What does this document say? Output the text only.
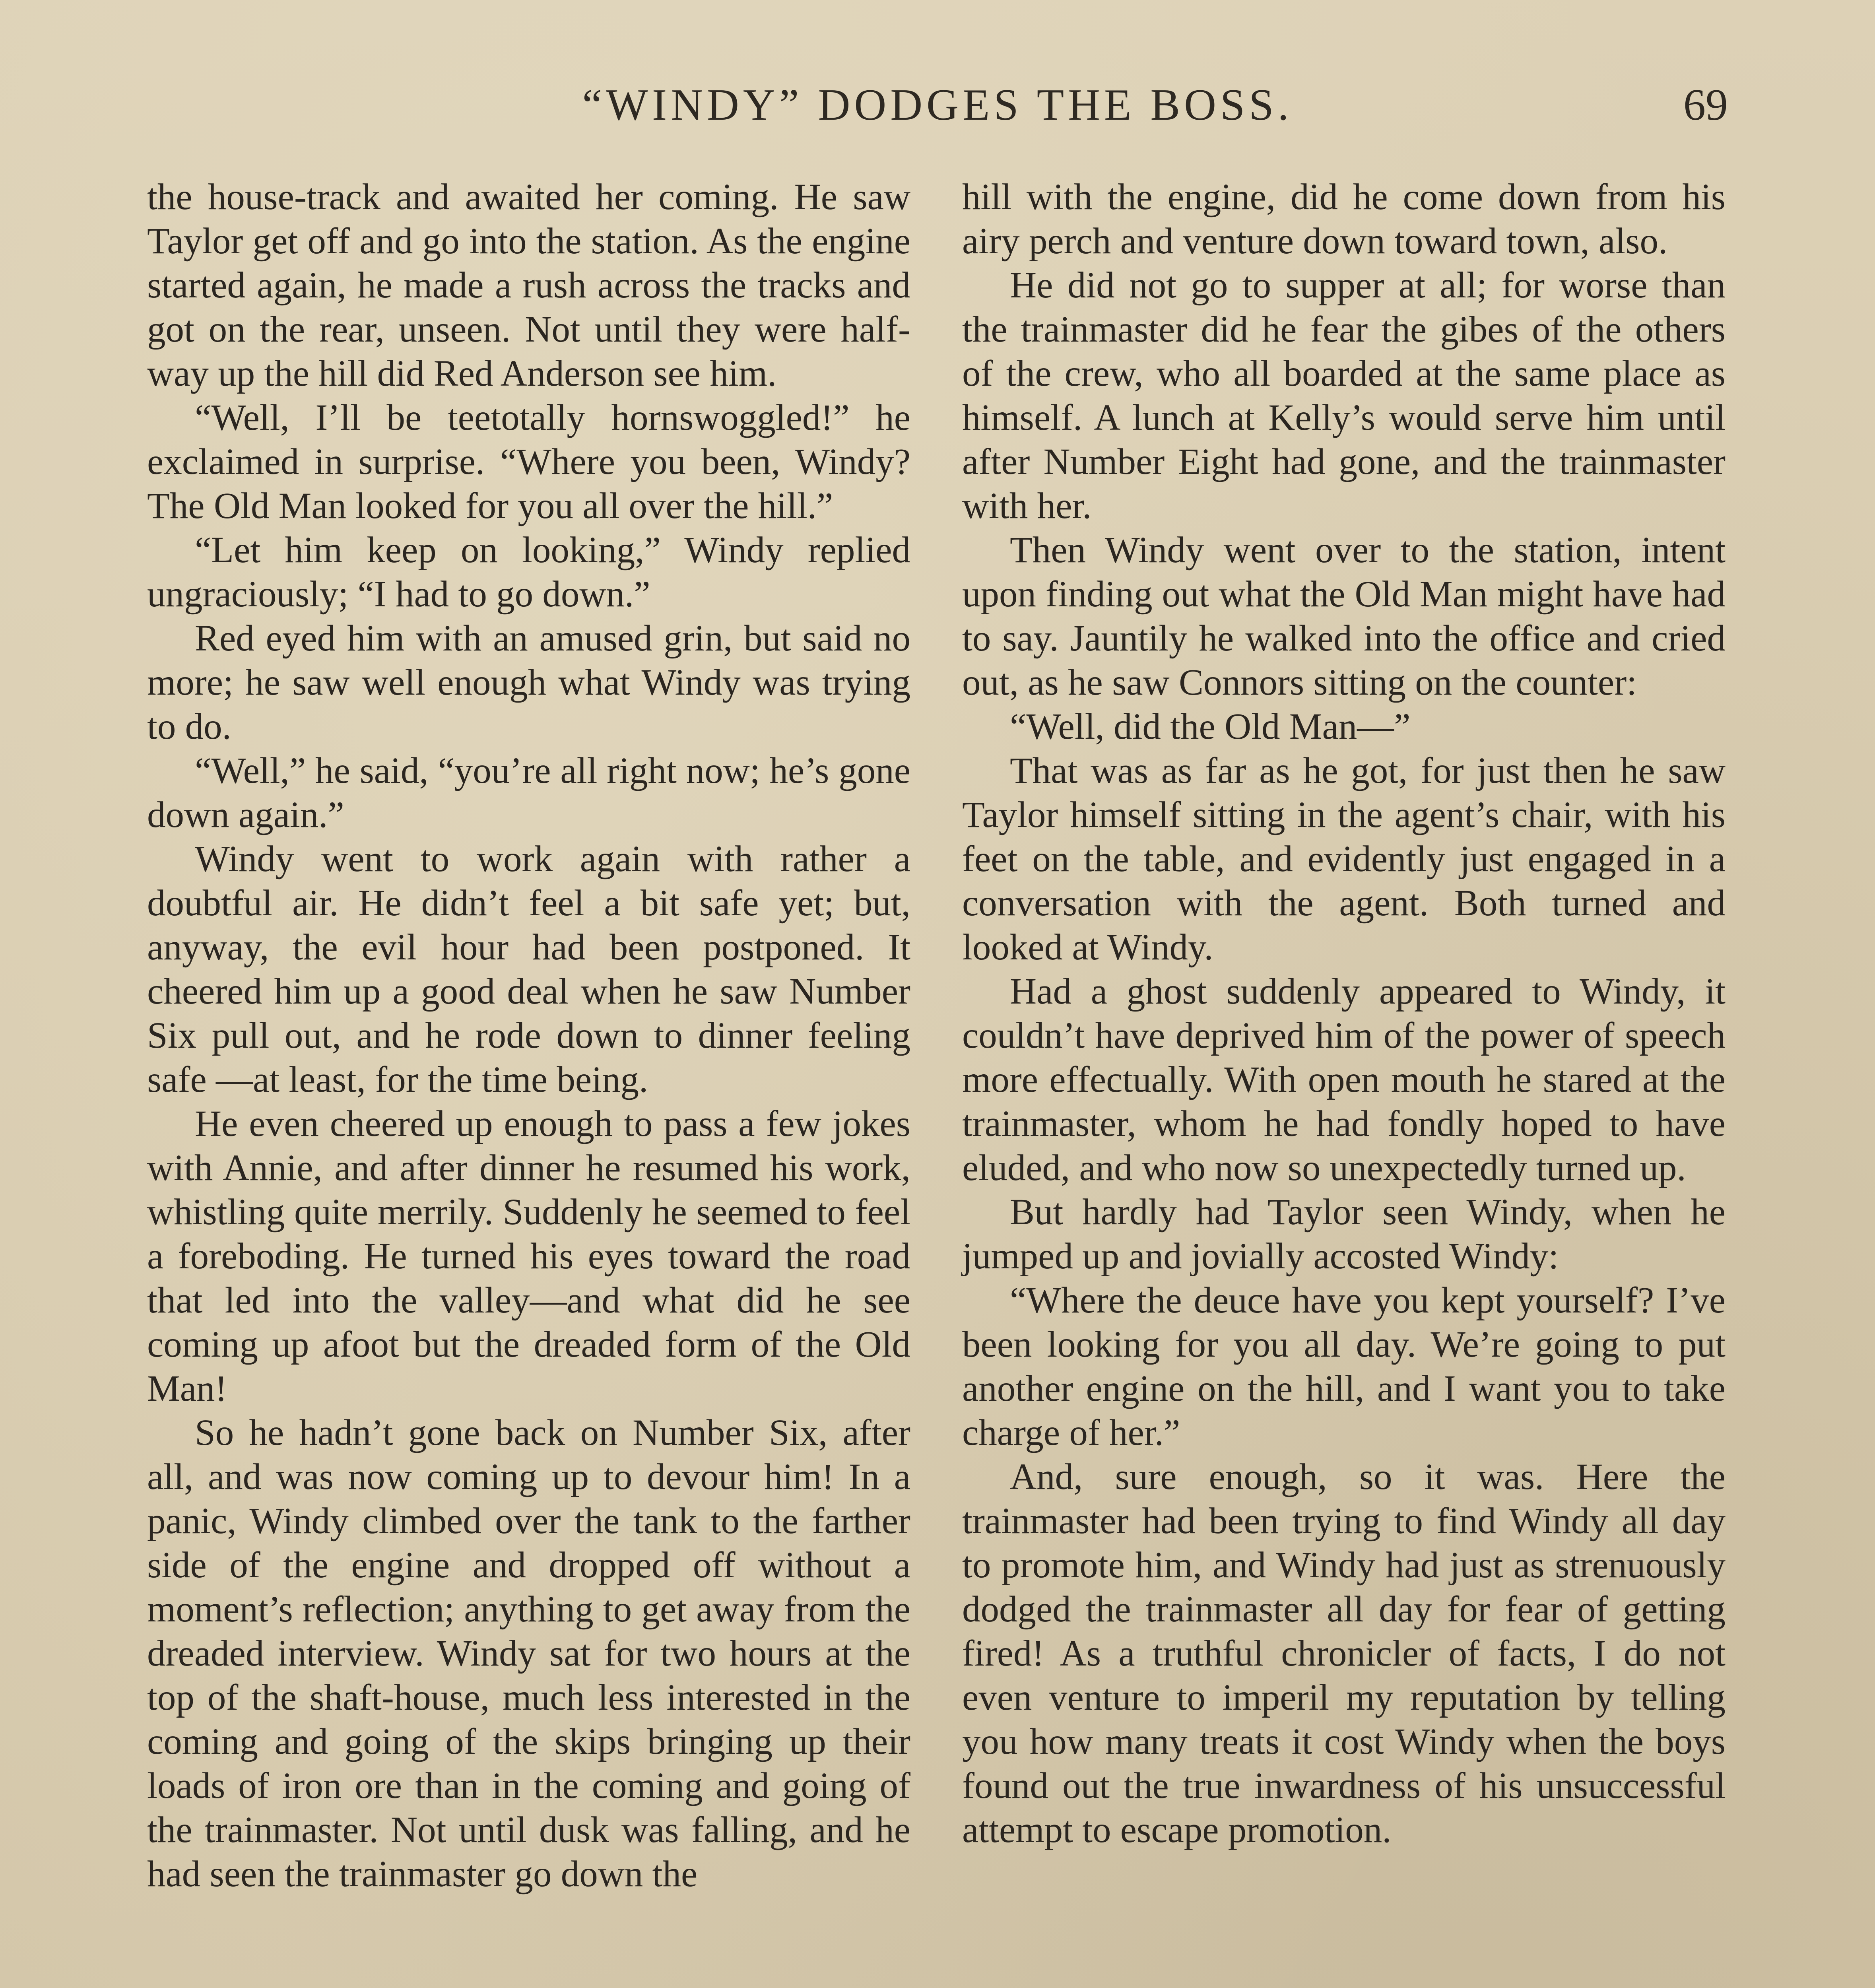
“WINDY” DODGES THE BOSS.	69

the house-track and awaited her coming. He saw Taylor get off and go into the station. As the engine started again, he made a rush across the tracks and got on the rear, unseen. Not until they were half-way up the hill did Red Anderson see him.

“Well, I’ll be teetotally hornswoggled!” he exclaimed in surprise. “Where you been, Windy? The Old Man looked for you all over the hill.”

“Let him keep on looking,” Windy replied ungraciously; “I had to go down.”

Red eyed him with an amused grin, but said no more; he saw well enough what Windy was trying to do.

“Well,” he said, “you’re all right now; he’s gone down again.”

Windy went to work again with rather a doubtful air. He didn’t feel a bit safe yet; but, anyway, the evil hour had been postponed. It cheered him up a good deal when he saw Number Six pull out, and he rode down to dinner feeling safe —at least, for the time being.

He even cheered up enough to pass a few jokes with Annie, and after dinner he resumed his work, whistling quite merrily. Suddenly he seemed to feel a foreboding. He turned his eyes toward the road that led into the valley—and what did he see coming up afoot but the dreaded form of the Old Man!

So he hadn’t gone back on Number Six, after all, and was now coming up to devour him! In a panic, Windy climbed over the tank to the farther side of the engine and dropped off without a moment’s reflection; anything to get away from the dreaded interview. Windy sat for two hours at the top of the shaft-house, much less interested in the coming and going of the skips bringing up their loads of iron ore than in the coming and going of the trainmaster. Not until dusk was falling, and he had seen the trainmaster go down the

hill with the engine, did he come down from his airy perch and venture down toward town, also.

He did not go to supper at all; for worse than the trainmaster did he fear the gibes of the others of the crew, who all boarded at the same place as himself. A lunch at Kelly’s would serve him until after Number Eight had gone, and the trainmaster with her.

Then Windy went over to the station, intent upon finding out what the Old Man might have had to say. Jauntily he walked into the office and cried out, as he saw Connors sitting on the counter:

“Well, did the Old Man—”

That was as far as he got, for just then he saw Taylor himself sitting in the agent’s chair, with his feet on the table, and evidently just engaged in a conversation with the agent. Both turned and looked at Windy.

Had a ghost suddenly appeared to Windy, it couldn’t have deprived him of the power of speech more effectually. With open mouth he stared at the trainmaster, whom he had fondly hoped to have eluded, and who now so unexpectedly turned up.

But hardly had Taylor seen Windy, when he jumped up and jovially accosted Windy:

“Where the deuce have you kept yourself? I’ve been looking for you all day. We’re going to put another engine on the hill, and I want you to take charge of her.”

And, sure enough, so it was. Here the trainmaster had been trying to find Windy all day to promote him, and Windy had just as strenuously dodged the trainmaster all day for fear of getting fired! As a truthful chronicler of facts, I do not even venture to imperil my reputation by telling you how many treats it cost Windy when the boys found out the true inwardness of his unsuccessful attempt to escape promotion.
